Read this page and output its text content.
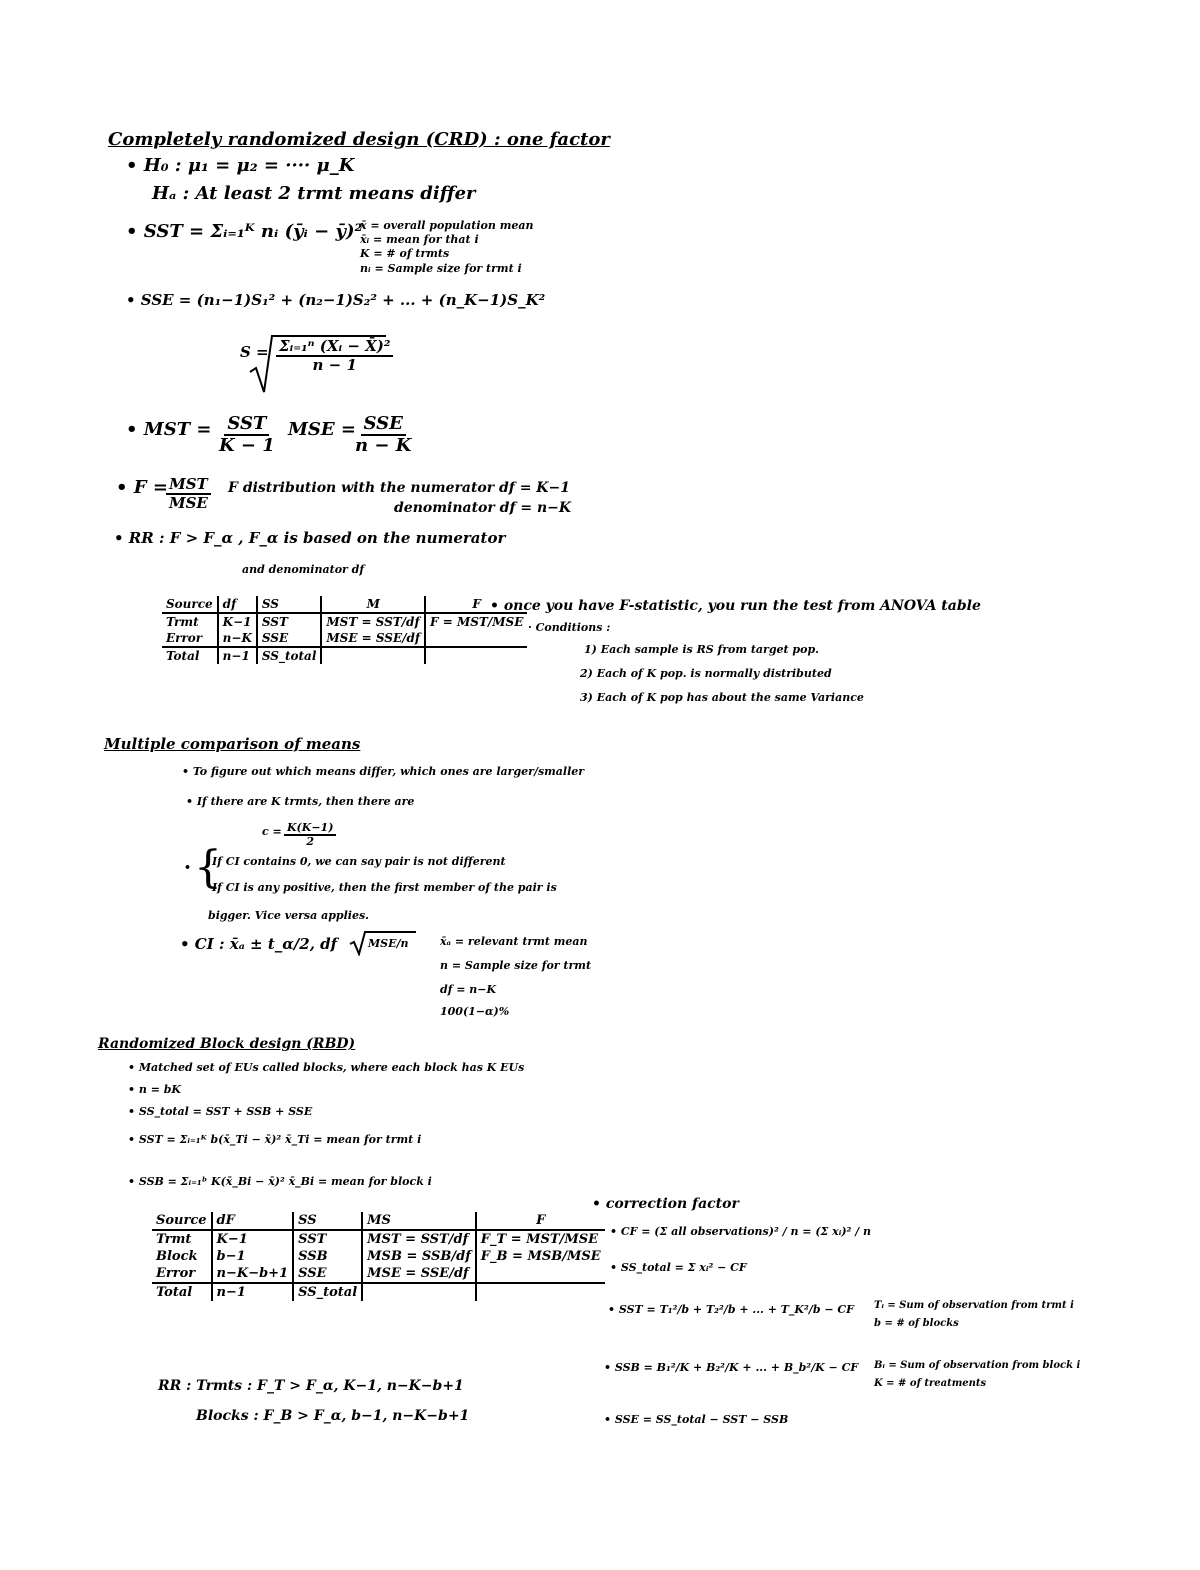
Completely randomized design (CRD) : one factor
• H₀ : μ₁ = μ₂ = ···· μ_K
Hₐ : At least 2 trmt means differ
• SST = Σᵢ₌₁ᴷ nᵢ (ȳᵢ − ȳ)²
x̄ = overall population mean
x̄ᵢ = mean for that i
K = # of trmts
nᵢ = Sample size for trmt i
• SSE = (n₁−1)S₁² + (n₂−1)S₂² + ... + (n_K−1)S_K²
$S = \frac{\text{Σᵢ₌₁ⁿ (Xᵢ − X̄)²}}{n - 1}$
• MST = SST
K − 1
MSE = SSE
n − K
• F = MST
MSE
F distribution with the numerator df = K−1
denominator df = n−K
• RR : F > F_α , F_α is based on the numerator
and denominator df
Source	df	SS	M	F
Trmt	K−1	SST	MST = SST/df	F = MST/MSE
Error	n−K	SSE	MSE = SSE/df	
Total	n−1	SS_total		
• once you have F-statistic, you run the test from ANOVA table
· Conditions :
1) Each sample is RS from target pop.
2) Each of K pop. is normally distributed
3) Each of K pop has about the same Variance
Multiple comparison of means
• To figure out which means differ, which ones are larger/smaller
• If there are K trmts, then there are
$c = \frac{K(K-1)}{2}$
• {
If CI contains 0, we can say pair is not different
If CI is any positive, then the first member of the pair is
bigger. Vice versa applies.
• CI : x̄ₐ ± t_α/2, df	MSE/n	x̄ₐ = relevant trmt mean
n = Sample size for trmt
df = n−K
100(1−α)%
Randomized Block design (RBD)
• Matched set of EUs called blocks, where each block has K EUs
• n = bK
• SS_total = SST + SSB + SSE
• SST = Σᵢ₌₁ᴷ b(x̄_Ti − x̄)² x̄_Ti = mean for trmt i
• SSB = Σᵢ₌₁ᵇ K(x̄_Bi − x̄)² x̄_Bi = mean for block i
Source	dF	SS	MS	F
Trmt	K−1	SST	MST = SST/df	F_T = MST/MSE
Block	b−1	SSB	MSB = SSB/df	F_B = MSB/MSE
Error	n−K−b+1	SSE	MSE = SSE/df	
Total	n−1	SS_total		
RR : Trmts : F_T > F_α, K−1, n−K−b+1
Blocks : F_B > F_α, b−1, n−K−b+1
• correction factor
• CF = (Σ all observations)² / n = (Σ xᵢ)² / n
• SS_total = Σ xᵢ² − CF
• SST = T₁²/b + T₂²/b + ... + T_K²/b − CF Tᵢ = Sum of observation from trmt i
b = # of blocks
• SSB = B₁²/K + B₂²/K + ... + B_b²/K − CF Bᵢ = Sum of observation from block i
K = # of treatments
• SSE = SS_total − SST − SSB
